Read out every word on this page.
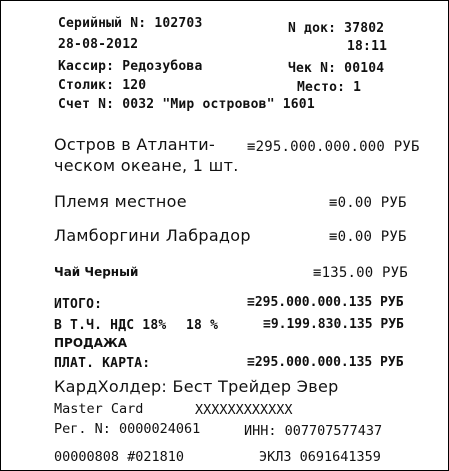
Серийный N: 102703	N док: 37802
28-08-2012	18:11
Кассир: Редозубова	Чек N: 00104
Столик: 120	Место: 1
Счет N: 0032 "Мир островов" 1601
Остров в Атланти-
ческом океане, 1 шт.
≡295.000.000.000 РУБ
Племя местное	≡0.00 РУБ
Ламборгини Лабрадор	≡0.00 РУБ
Чай Черный	≡135.00 РУБ
ИТОГО:	≡295.000.000.135 РУБ
В Т.Ч. НДС 18% 18 %	≡9.199.830.135 РУБ
ПРОДАЖА
ПЛАТ. КАРТА:	≡295.000.000.135 РУБ
КардХолдер: Бест Трейдер Эвер
Master Card	XXXXXXXXXXXX
Рег. N: 0000024061	ИНН: 007707577437
00000808 #021810	ЭКЛЗ 0691641359
